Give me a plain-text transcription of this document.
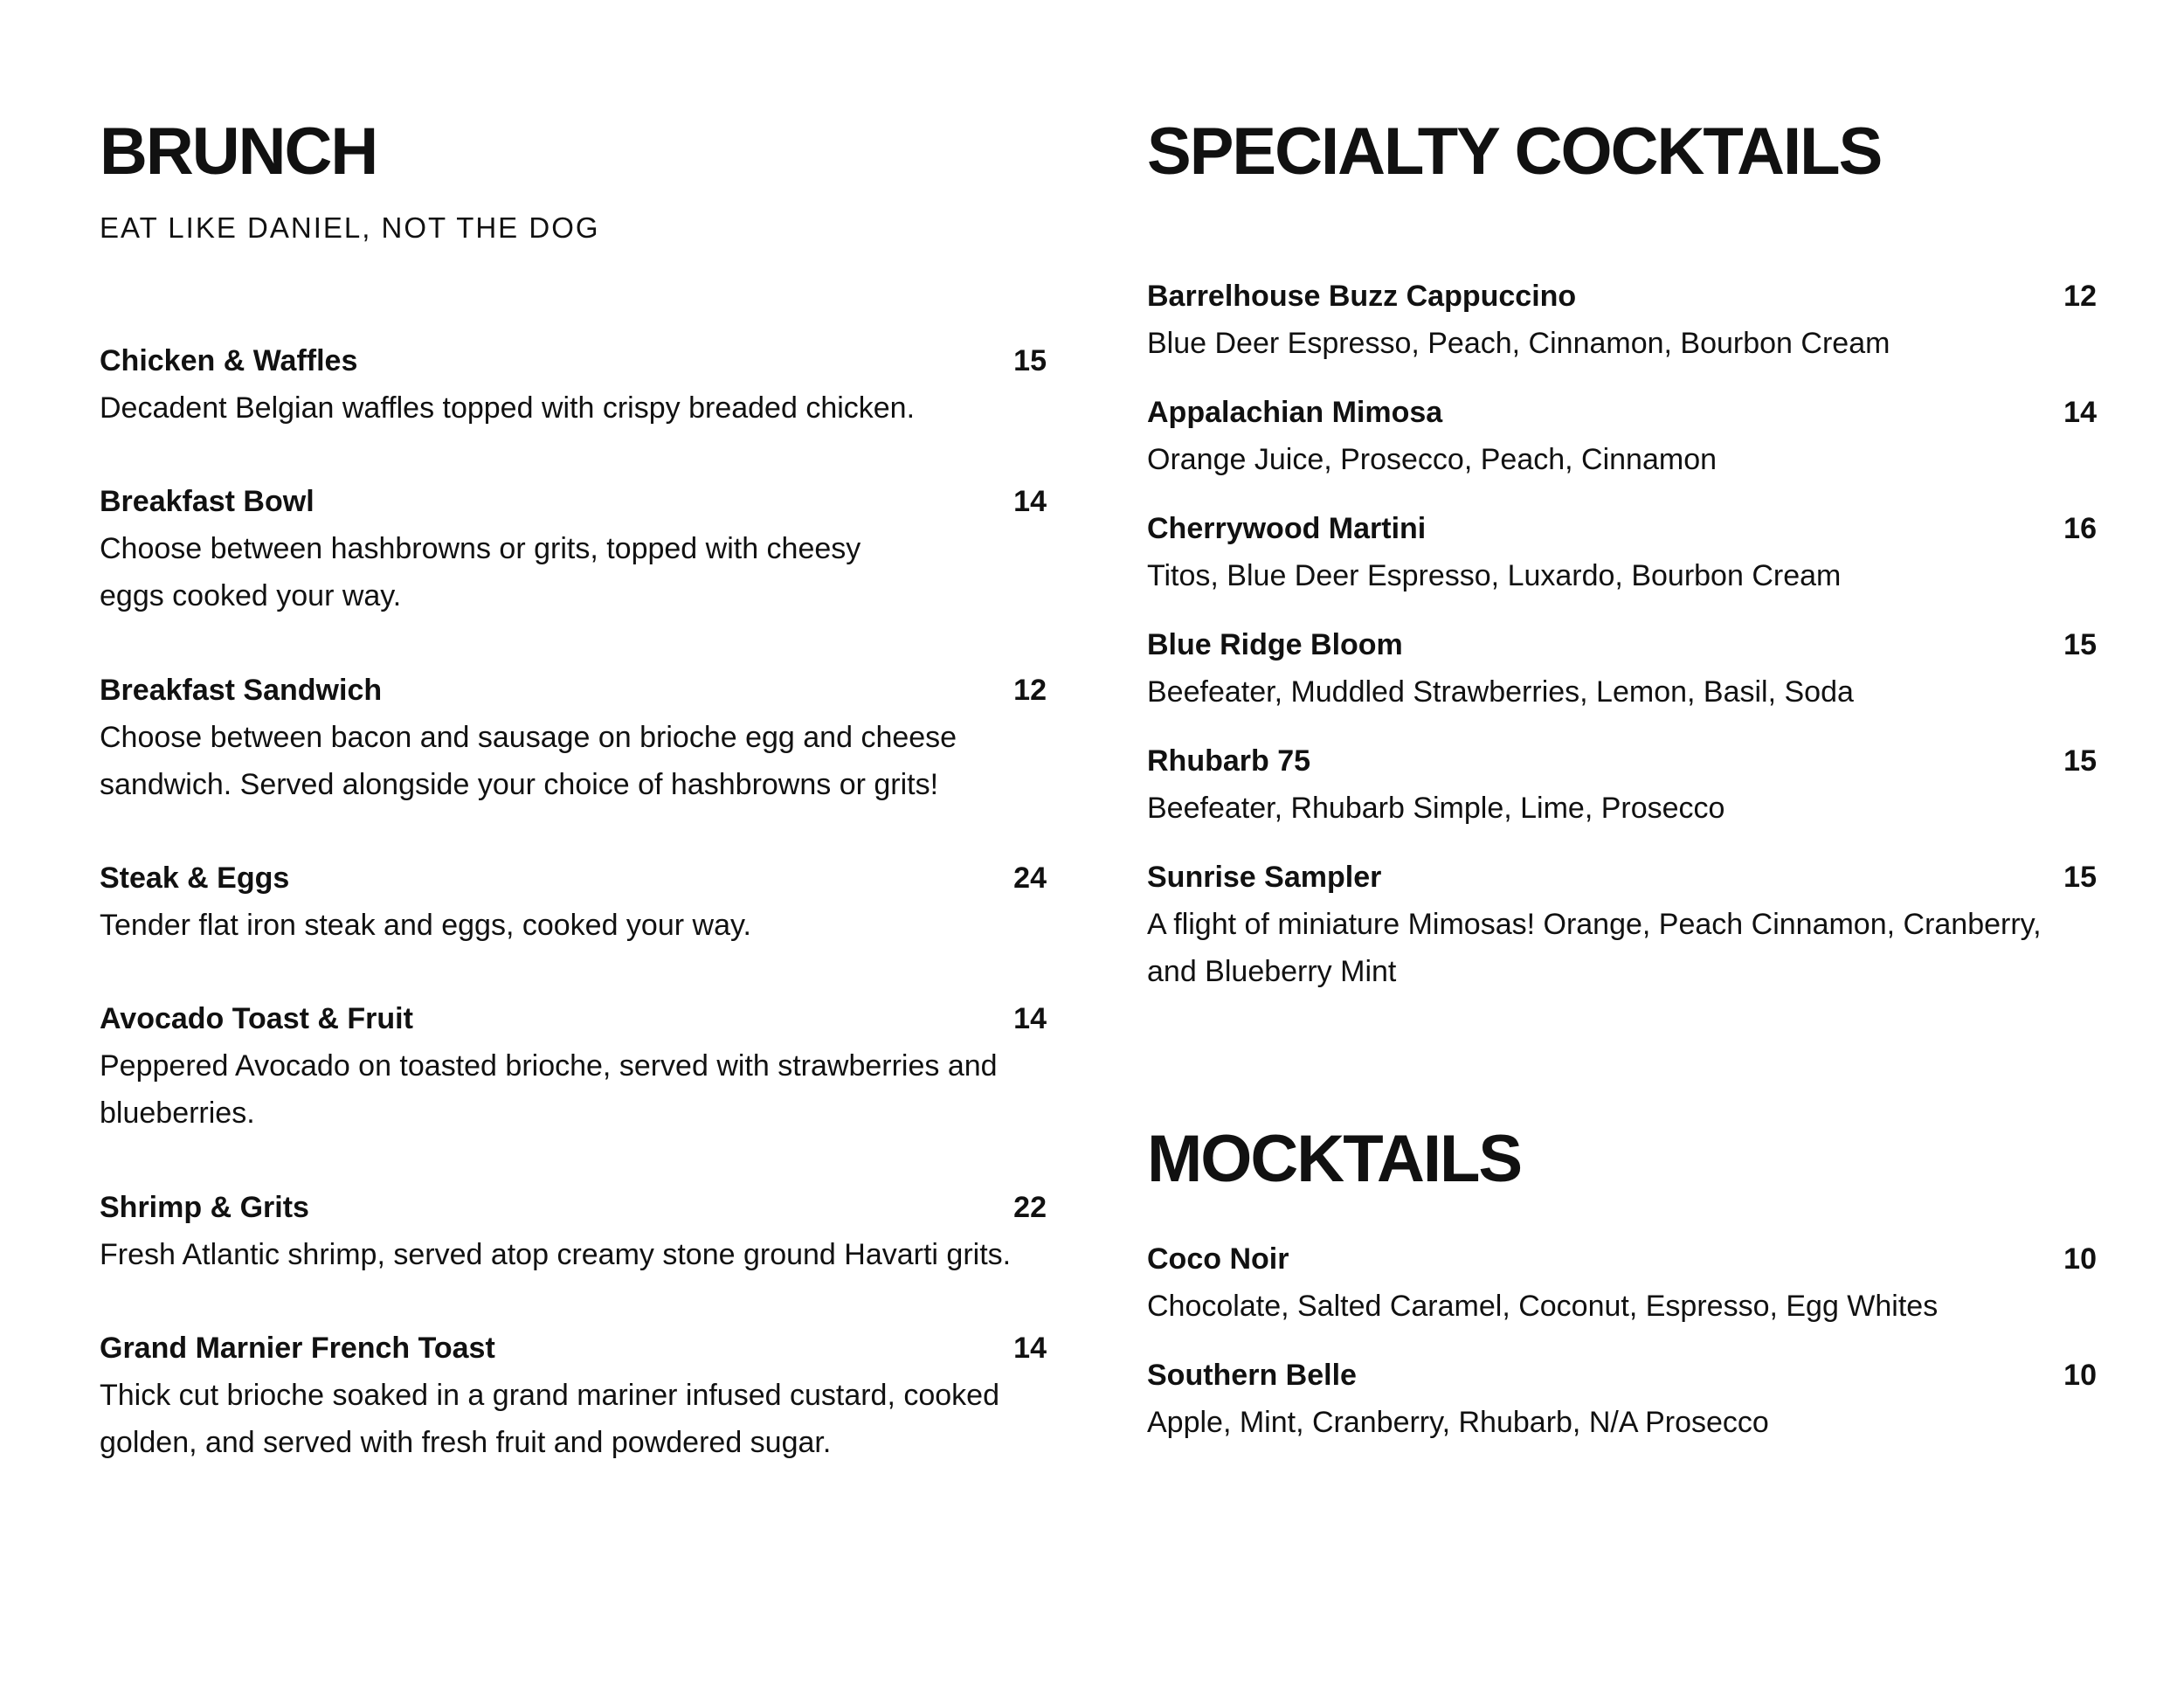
BRUNCH
EAT LIKE DANIEL, NOT THE DOG
Chicken & Waffles	15
Decadent Belgian waffles topped with crispy breaded chicken.
Breakfast Bowl	14
Choose between hashbrowns or grits, topped with cheesy
eggs cooked your way.
Breakfast Sandwich	12
Choose between bacon and sausage on brioche egg and cheese
sandwich. Served alongside your choice of hashbrowns or grits!
Steak & Eggs	24
Tender flat iron steak and eggs, cooked your way.
Avocado Toast & Fruit	14
Peppered Avocado on toasted brioche, served with strawberries and
blueberries.
Shrimp & Grits	22
Fresh Atlantic shrimp, served atop creamy stone ground Havarti grits.
Grand Marnier French Toast	14
Thick cut brioche soaked in a grand mariner infused custard, cooked
golden, and served with fresh fruit and powdered sugar.
SPECIALTY COCKTAILS
Barrelhouse Buzz Cappuccino	12
Blue Deer Espresso, Peach, Cinnamon, Bourbon Cream
Appalachian Mimosa	14
Orange Juice, Prosecco, Peach, Cinnamon
Cherrywood Martini	16
Titos, Blue Deer Espresso, Luxardo, Bourbon Cream
Blue Ridge Bloom	15
Beefeater, Muddled Strawberries, Lemon, Basil, Soda
Rhubarb 75	15
Beefeater, Rhubarb Simple, Lime, Prosecco
Sunrise Sampler	15
A flight of miniature Mimosas! Orange, Peach Cinnamon, Cranberry,
and Blueberry Mint
MOCKTAILS
Coco Noir	10
Chocolate, Salted Caramel, Coconut, Espresso, Egg Whites
Southern Belle	10
Apple, Mint, Cranberry, Rhubarb, N/A Prosecco
